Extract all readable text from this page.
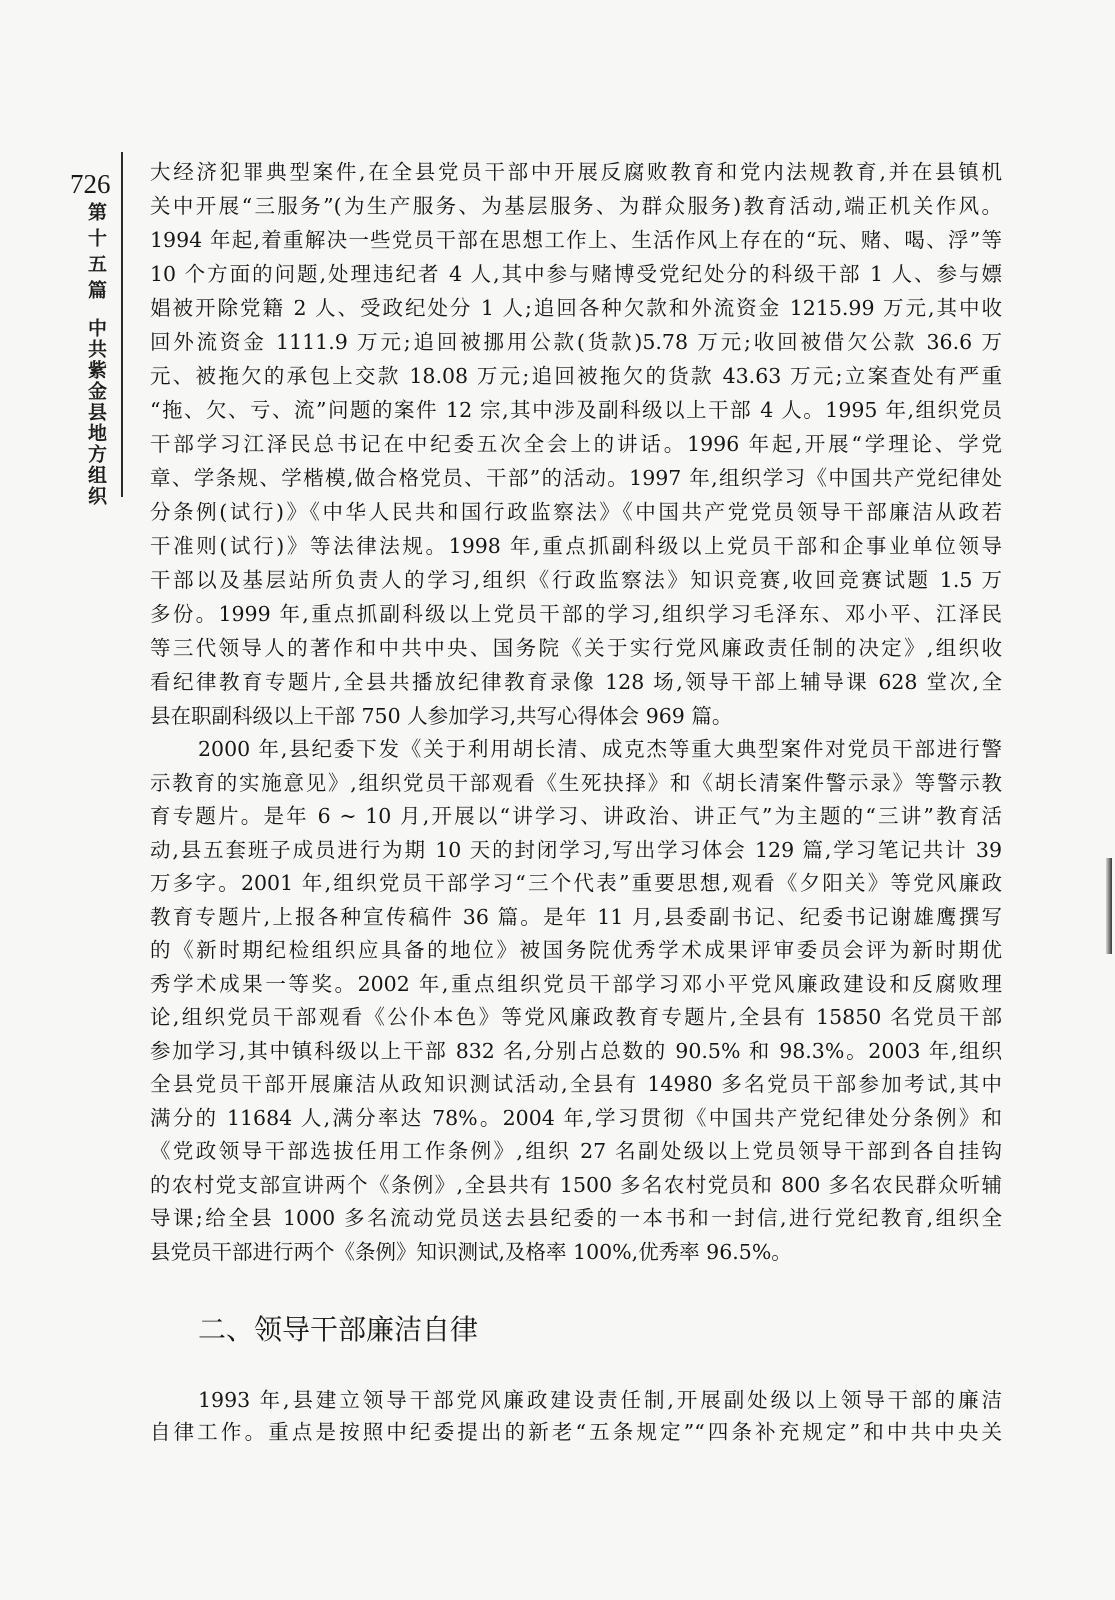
726
第十五篇
中共紫金县地方组织
大经济犯罪典型案件,在全县党员干部中开展反腐败教育和党内法规教育,并在县镇机
关中开展“三服务”(为生产服务、为基层服务、为群众服务)教育活动,端正机关作风。
1994 年起,着重解决一些党员干部在思想工作上、生活作风上存在的“玩、赌、喝、浮”等
10 个方面的问题,处理违纪者 4 人,其中参与赌博受党纪处分的科级干部 1 人、参与嫖
娼被开除党籍 2 人、受政纪处分 1 人;追回各种欠款和外流资金 1215.99 万元,其中收
回外流资金 1111.9 万元;追回被挪用公款(货款)5.78 万元;收回被借欠公款 36.6 万
元、被拖欠的承包上交款 18.08 万元;追回被拖欠的货款 43.63 万元;立案查处有严重
“拖、欠、亏、流”问题的案件 12 宗,其中涉及副科级以上干部 4 人。1995 年,组织党员
干部学习江泽民总书记在中纪委五次全会上的讲话。1996 年起,开展“学理论、学党
章、学条规、学楷模,做合格党员、干部”的活动。1997 年,组织学习《中国共产党纪律处
分条例(试行)》《中华人民共和国行政监察法》《中国共产党党员领导干部廉洁从政若
干准则(试行)》等法律法规。1998 年,重点抓副科级以上党员干部和企事业单位领导
干部以及基层站所负责人的学习,组织《行政监察法》知识竞赛,收回竞赛试题 1.5 万
多份。1999 年,重点抓副科级以上党员干部的学习,组织学习毛泽东、邓小平、江泽民
等三代领导人的著作和中共中央、国务院《关于实行党风廉政责任制的决定》,组织收
看纪律教育专题片,全县共播放纪律教育录像 128 场,领导干部上辅导课 628 堂次,全
县在职副科级以上干部 750 人参加学习,共写心得体会 969 篇。
2000 年,县纪委下发《关于利用胡长清、成克杰等重大典型案件对党员干部进行警
示教育的实施意见》,组织党员干部观看《生死抉择》和《胡长清案件警示录》等警示教
育专题片。是年 6 ~ 10 月,开展以“讲学习、讲政治、讲正气”为主题的“三讲”教育活
动,县五套班子成员进行为期 10 天的封闭学习,写出学习体会 129 篇,学习笔记共计 39
万多字。2001 年,组织党员干部学习“三个代表”重要思想,观看《夕阳关》等党风廉政
教育专题片,上报各种宣传稿件 36 篇。是年 11 月,县委副书记、纪委书记谢雄鹰撰写
的《新时期纪检组织应具备的地位》被国务院优秀学术成果评审委员会评为新时期优
秀学术成果一等奖。2002 年,重点组织党员干部学习邓小平党风廉政建设和反腐败理
论,组织党员干部观看《公仆本色》等党风廉政教育专题片,全县有 15850 名党员干部
参加学习,其中镇科级以上干部 832 名,分别占总数的 90.5% 和 98.3%。2003 年,组织
全县党员干部开展廉洁从政知识测试活动,全县有 14980 多名党员干部参加考试,其中
满分的 11684 人,满分率达 78%。2004 年,学习贯彻《中国共产党纪律处分条例》和
《党政领导干部选拔任用工作条例》,组织 27 名副处级以上党员领导干部到各自挂钩
的农村党支部宣讲两个《条例》,全县共有 1500 多名农村党员和 800 多名农民群众听辅
导课;给全县 1000 多名流动党员送去县纪委的一本书和一封信,进行党纪教育,组织全
县党员干部进行两个《条例》知识测试,及格率 100%,优秀率 96.5%。
二、领导干部廉洁自律
1993 年,县建立领导干部党风廉政建设责任制,开展副处级以上领导干部的廉洁
自律工作。重点是按照中纪委提出的新老“五条规定”“四条补充规定”和中共中央关
